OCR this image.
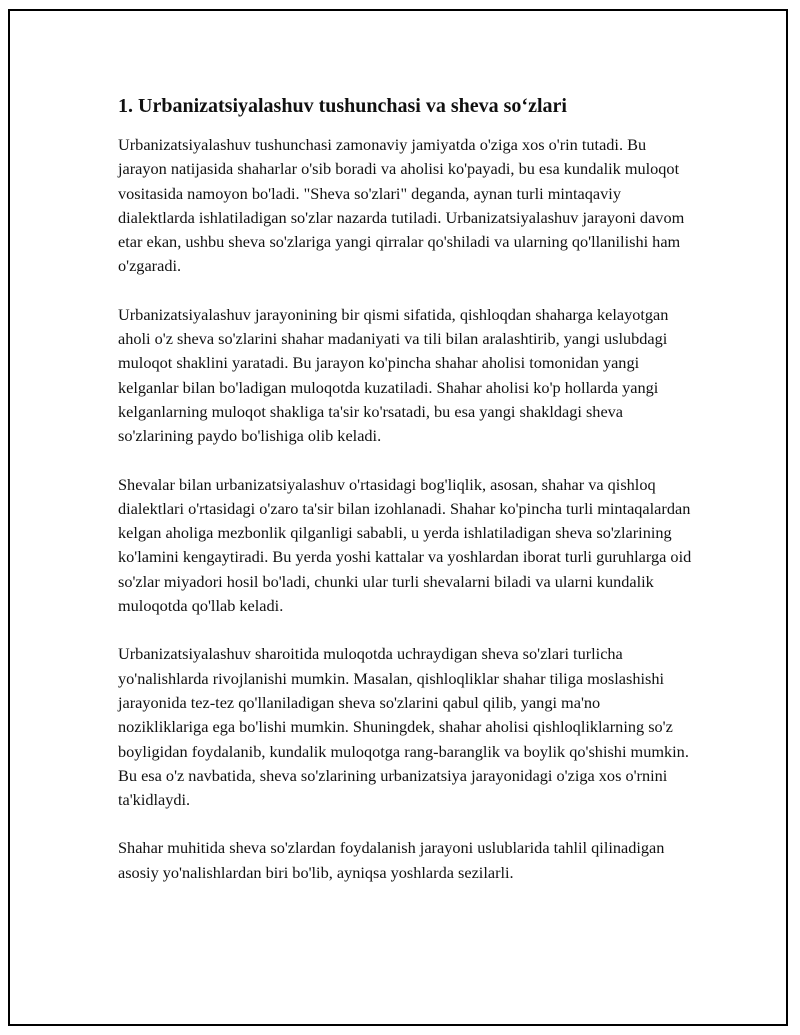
1. Urbanizatsiyalashuv tushunchasi va sheva so‘zlari

Urbanizatsiyalashuv tushunchasi zamonaviy jamiyatda o'ziga xos o'rin tutadi. Bu jarayon natijasida shaharlar o'sib boradi va aholisi ko'payadi, bu esa kundalik muloqot vositasida namoyon bo'ladi. "Sheva so'zlari" deganda, aynan turli mintaqaviy dialektlarda ishlatiladigan so'zlar nazarda tutiladi. Urbanizatsiyalashuv jarayoni davom etar ekan, ushbu sheva so'zlariga yangi qirralar qo'shiladi va ularning qo'llanilishi ham o'zgaradi.

Urbanizatsiyalashuv jarayonining bir qismi sifatida, qishloqdan shaharga kelayotgan aholi o'z sheva so'zlarini shahar madaniyati va tili bilan aralashtirib, yangi uslubdagi muloqot shaklini yaratadi. Bu jarayon ko'pincha shahar aholisi tomonidan yangi kelganlar bilan bo'ladigan muloqotda kuzatiladi. Shahar aholisi ko'p hollarda yangi kelganlarning muloqot shakliga ta'sir ko'rsatadi, bu esa yangi shakldagi sheva so'zlarining paydo bo'lishiga olib keladi.

Shevalar bilan urbanizatsiyalashuv o'rtasidagi bog'liqlik, asosan, shahar va qishloq dialektlari o'rtasidagi o'zaro ta'sir bilan izohlanadi. Shahar ko'pincha turli mintaqalardan kelgan aholiga mezbonlik qilganligi sababli, u yerda ishlatiladigan sheva so'zlarining ko'lamini kengaytiradi. Bu yerda yoshi kattalar va yoshlardan iborat turli guruhlarga oid so'zlar miyadori hosil bo'ladi, chunki ular turli shevalarni biladi va ularni kundalik muloqotda qo'llab keladi.

Urbanizatsiyalashuv sharoitida muloqotda uchraydigan sheva so'zlari turlicha yo'nalishlarda rivojlanishi mumkin. Masalan, qishloqliklar shahar tiliga moslashishi jarayonida tez-tez qo'llaniladigan sheva so'zlarini qabul qilib, yangi ma'no nozikliklariga ega bo'lishi mumkin. Shuningdek, shahar aholisi qishloqliklarning so'z boyligidan foydalanib, kundalik muloqotga rang-baranglik va boylik qo'shishi mumkin. Bu esa o'z navbatida, sheva so'zlarining urbanizatsiya jarayonidagi o'ziga xos o'rnini ta'kidlaydi.

Shahar muhitida sheva so'zlardan foydalanish jarayoni uslublarida tahlil qilinadigan asosiy yo'nalishlardan biri bo'lib, ayniqsa yoshlarda sezilarli.
